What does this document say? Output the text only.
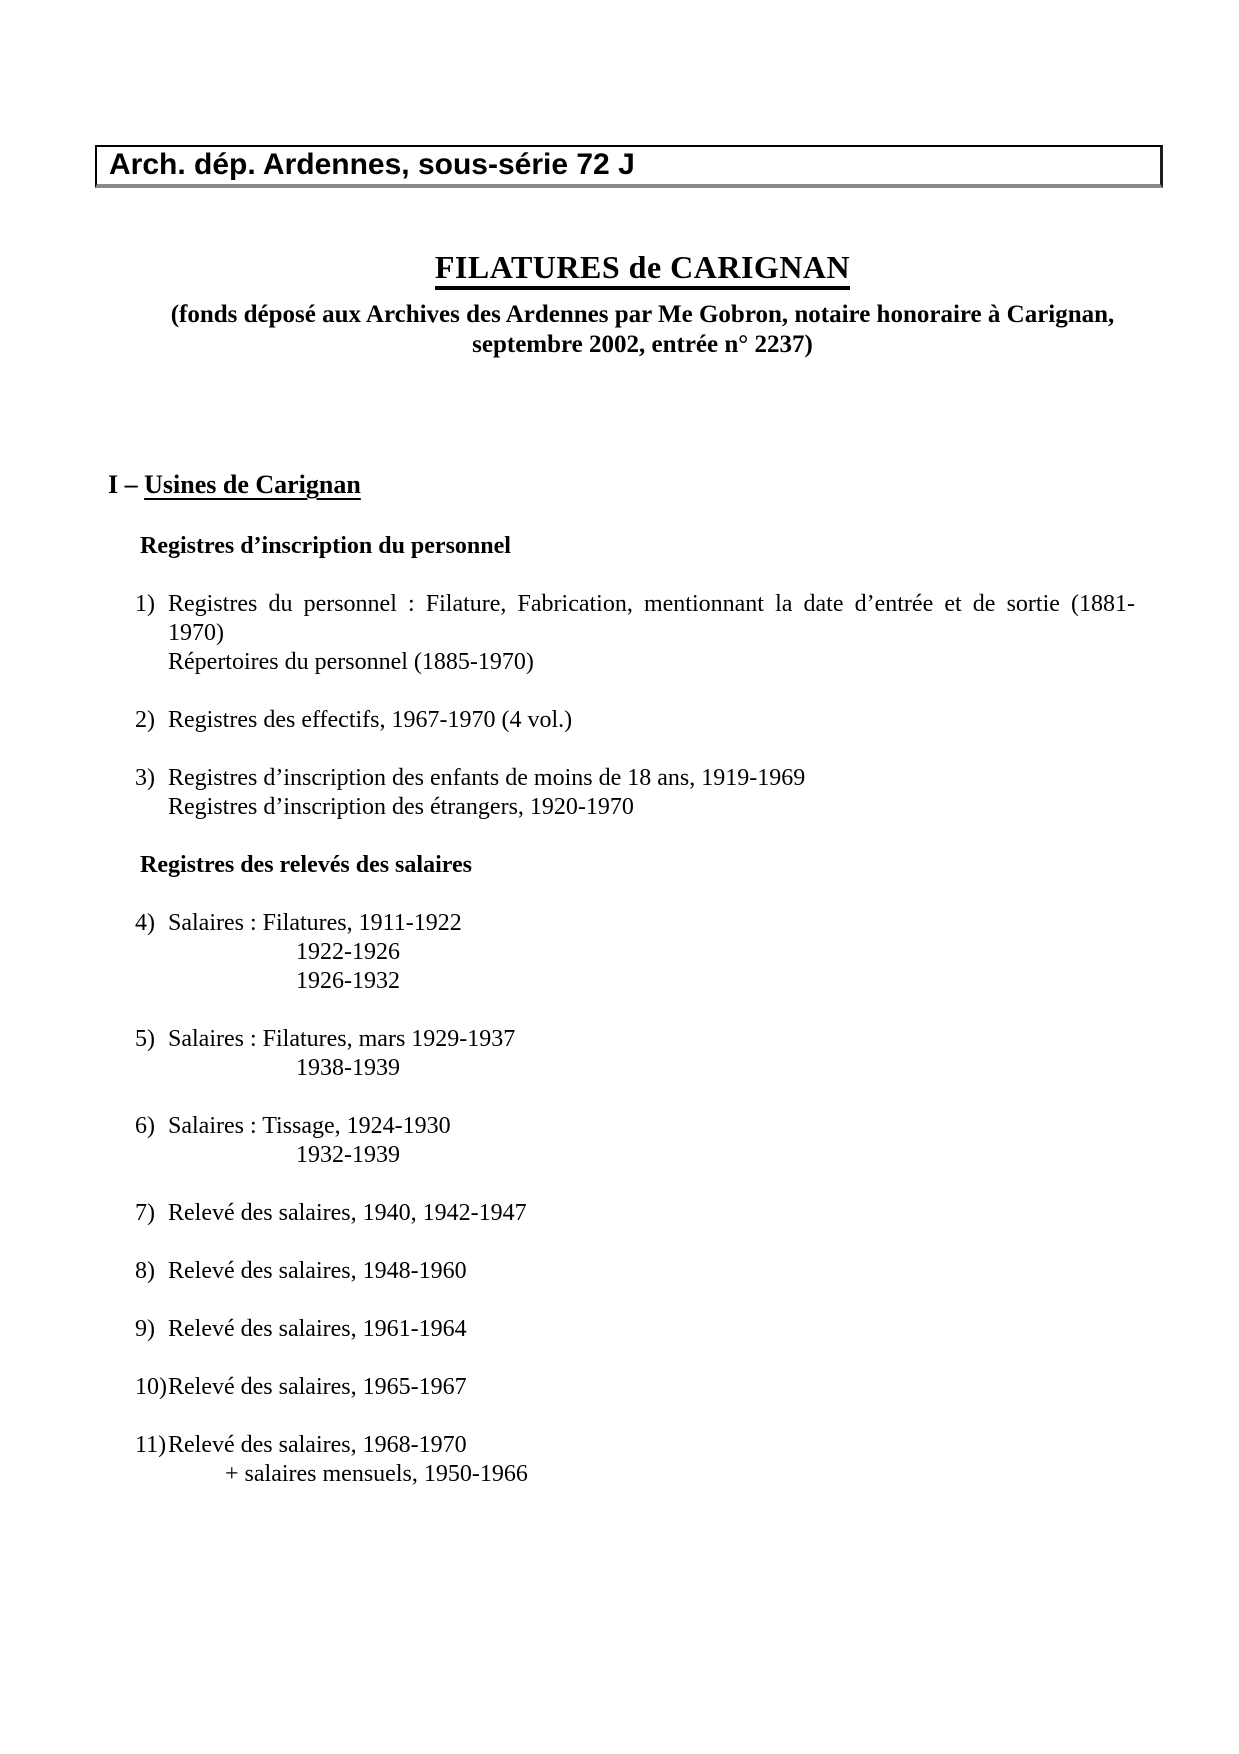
Arch. dép. Ardennes, sous-série 72 J
FILATURES de CARIGNAN
(fonds déposé aux Archives des Ardennes par Me Gobron, notaire honoraire à Carignan,
septembre 2002, entrée n° 2237)
I – Usines de Carignan
Registres d’inscription du personnel
1) Registres du personnel : Filature, Fabrication, mentionnant la date d’entrée et de sortie (1881-
1970)
Répertoires du personnel (1885-1970)
2) Registres des effectifs, 1967-1970 (4 vol.)
3) Registres d’inscription des enfants de moins de 18 ans, 1919-1969
Registres d’inscription des étrangers, 1920-1970
Registres des relevés des salaires
4) Salaires : Filatures, 1911-1922
1922-1926
1926-1932
5) Salaires : Filatures, mars 1929-1937
1938-1939
6) Salaires : Tissage, 1924-1930
1932-1939
7) Relevé des salaires, 1940, 1942-1947
8) Relevé des salaires, 1948-1960
9) Relevé des salaires, 1961-1964
10) Relevé des salaires, 1965-1967
11) Relevé des salaires, 1968-1970
+ salaires mensuels, 1950-1966
